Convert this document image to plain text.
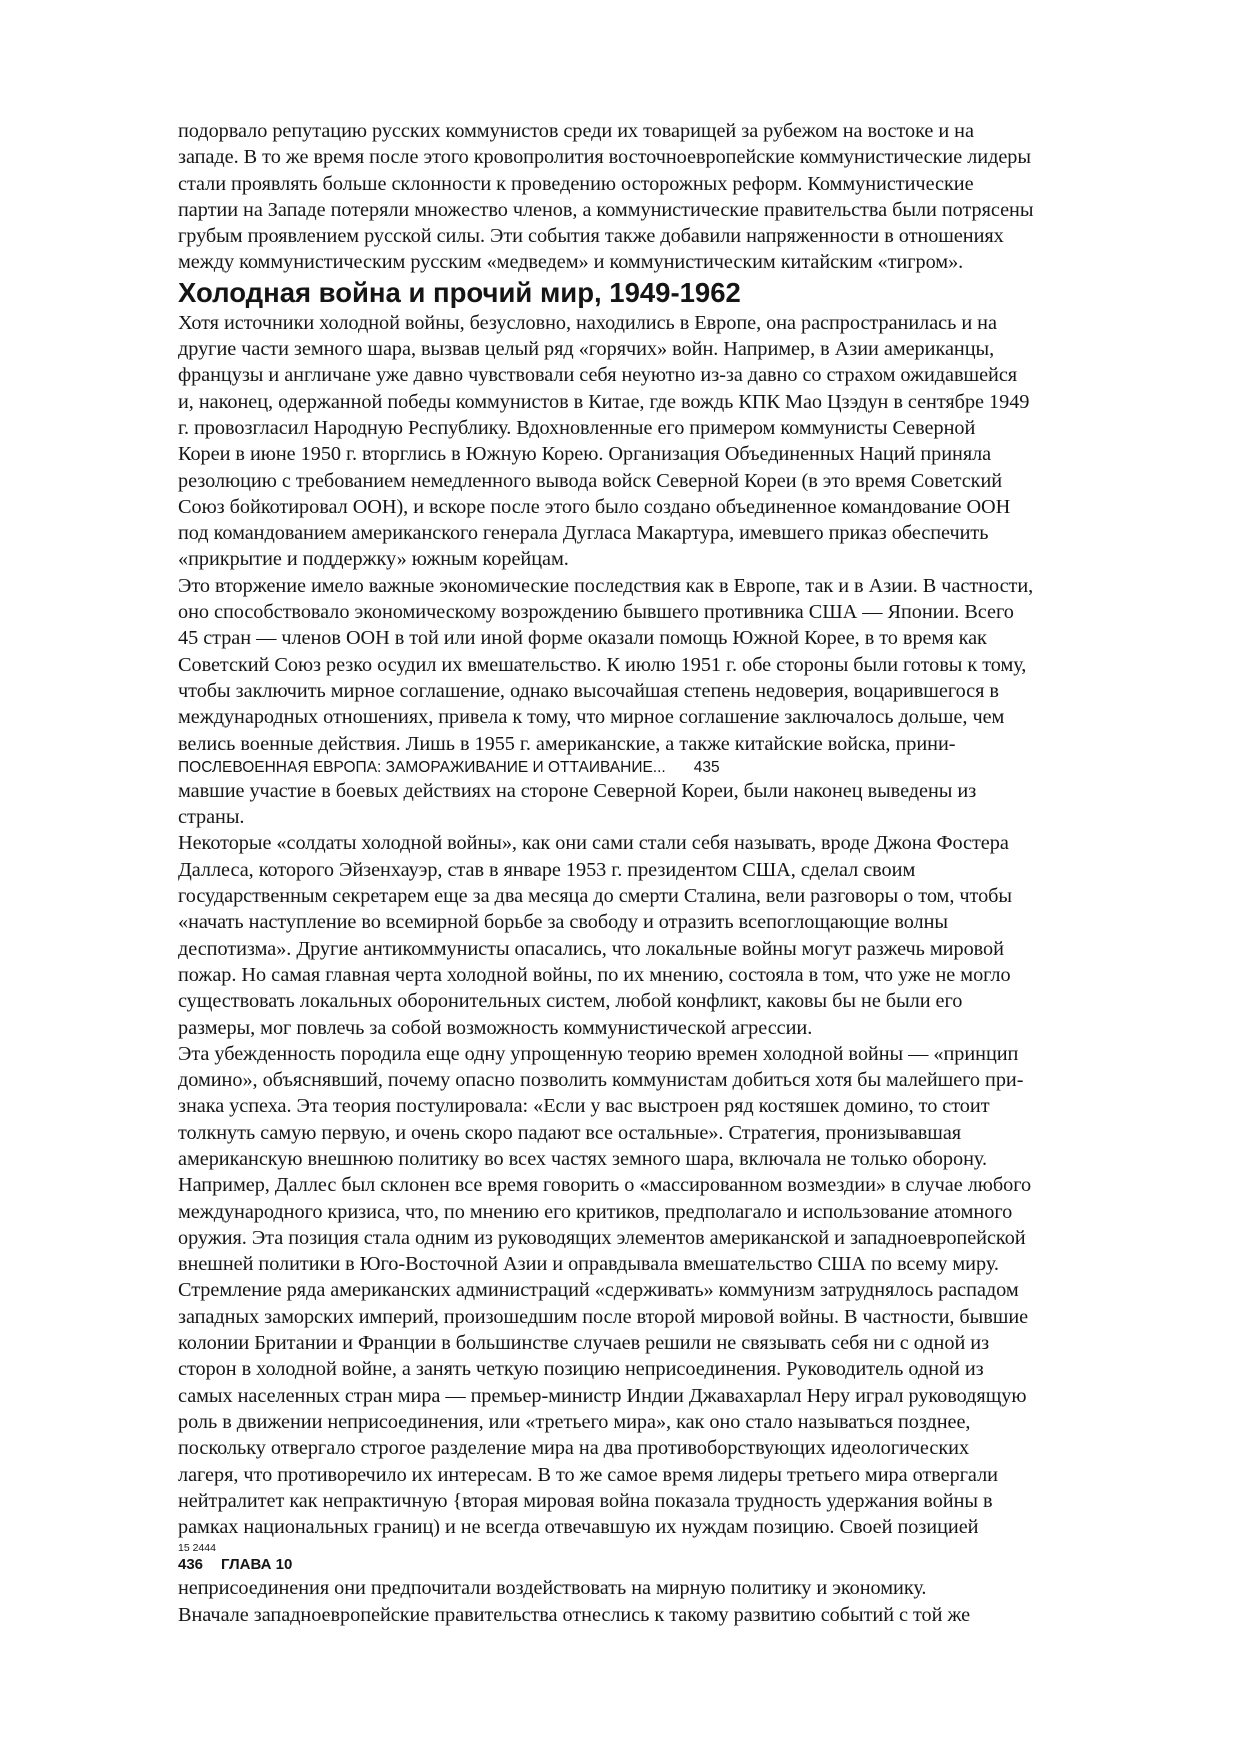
подорвало репутацию русских коммунистов среди их товарищей за рубежом на востоке и на
западе. В то же время после этого кровопролития восточноевропейские коммунистические лидеры
стали проявлять больше склонности к проведению осторожных реформ. Коммунистические
партии на Западе потеряли множество членов, а коммунистические правительства были потрясены
грубым проявлением русской силы. Эти события также добавили напряженности в отношениях
между коммунистическим русским «медведем» и коммунистическим китайским «тигром».
Холодная война и прочий мир, 1949-1962
Хотя источники холодной войны, безусловно, находились в Европе, она распространилась и на
другие части земного шара, вызвав целый ряд «горячих» войн. Например, в Азии американцы,
французы и англичане уже давно чувствовали себя неуютно из-за давно со страхом ожидавшейся
и, наконец, одержанной победы коммунистов в Китае, где вождь КПК Мао Цзэдун в сентябре 1949
г. провозгласил Народную Республику. Вдохновленные его примером коммунисты Северной
Кореи в июне 1950 г. вторглись в Южную Корею. Организация Объединенных Наций приняла
резолюцию с требованием немедленного вывода войск Северной Кореи (в это время Советский
Союз бойкотировал ООН), и вскоре после этого было создано объединенное командование ООН
под командованием американского генерала Дугласа Макартура, имевшего приказ обеспечить
«прикрытие и поддержку» южным корейцам.
Это вторжение имело важные экономические последствия как в Европе, так и в Азии. В частности,
оно способствовало экономическому возрождению бывшего противника США — Японии. Всего
45 стран — членов ООН в той или иной форме оказали помощь Южной Корее, в то время как
Советский Союз резко осудил их вмешательство. К июлю 1951 г. обе стороны были готовы к тому,
чтобы заключить мирное соглашение, однако высочайшая степень недоверия, воцарившегося в
международных отношениях, привела к тому, что мирное соглашение заключалось дольше, чем
велись военные действия. Лишь в 1955 г. американские, а также китайские войска, прини-
ПОСЛЕВОЕННАЯ ЕВРОПА: ЗАМОРАЖИВАНИЕ И ОТТАИВАНИЕ... 435
мавшие участие в боевых действиях на стороне Северной Кореи, были наконец выведены из
страны.
Некоторые «солдаты холодной войны», как они сами стали себя называть, вроде Джона Фостера
Даллеса, которого Эйзенхауэр, став в январе 1953 г. президентом США, сделал своим
государственным секретарем еще за два месяца до смерти Сталина, вели разговоры о том, чтобы
«начать наступление во всемирной борьбе за свободу и отразить всепоглощающие волны
деспотизма». Другие антикоммунисты опасались, что локальные войны могут разжечь мировой
пожар. Но самая главная черта холодной войны, по их мнению, состояла в том, что уже не могло
существовать локальных оборонительных систем, любой конфликт, каковы бы не были его
размеры, мог повлечь за собой возможность коммунистической агрессии.
Эта убежденность породила еще одну упрощенную теорию времен холодной войны — «принцип
домино», объяснявший, почему опасно позволить коммунистам добиться хотя бы малейшего при-
знака успеха. Эта теория постулировала: «Если у вас выстроен ряд костяшек домино, то стоит
толкнуть самую первую, и очень скоро падают все остальные». Стратегия, пронизывавшая
американскую внешнюю политику во всех частях земного шара, включала не только оборону.
Например, Даллес был склонен все время говорить о «массированном возмездии» в случае любого
международного кризиса, что, по мнению его критиков, предполагало и использование атомного
оружия. Эта позиция стала одним из руководящих элементов американской и западноевропейской
внешней политики в Юго-Восточной Азии и оправдывала вмешательство США по всему миру.
Стремление ряда американских администраций «сдерживать» коммунизм затруднялось распадом
западных заморских империй, произошедшим после второй мировой войны. В частности, бывшие
колонии Британии и Франции в большинстве случаев решили не связывать себя ни с одной из
сторон в холодной войне, а занять четкую позицию неприсоединения. Руководитель одной из
самых населенных стран мира — премьер-министр Индии Джавахарлал Неру играл руководящую
роль в движении неприсоединения, или «третьего мира», как оно стало называться позднее,
поскольку отвергало строгое разделение мира на два противоборствующих идеологических
лагеря, что противоречило их интересам. В то же самое время лидеры третьего мира отвергали
нейтралитет как непрактичную {вторая мировая война показала трудность удержания войны в
рамках национальных границ) и не всегда отвечавшую их нуждам позицию. Своей позицией
15 2444
436 ГЛАВА 10
неприсоединения они предпочитали воздействовать на мирную политику и экономику.
Вначале западноевропейские правительства отнеслись к такому развитию событий с той же
